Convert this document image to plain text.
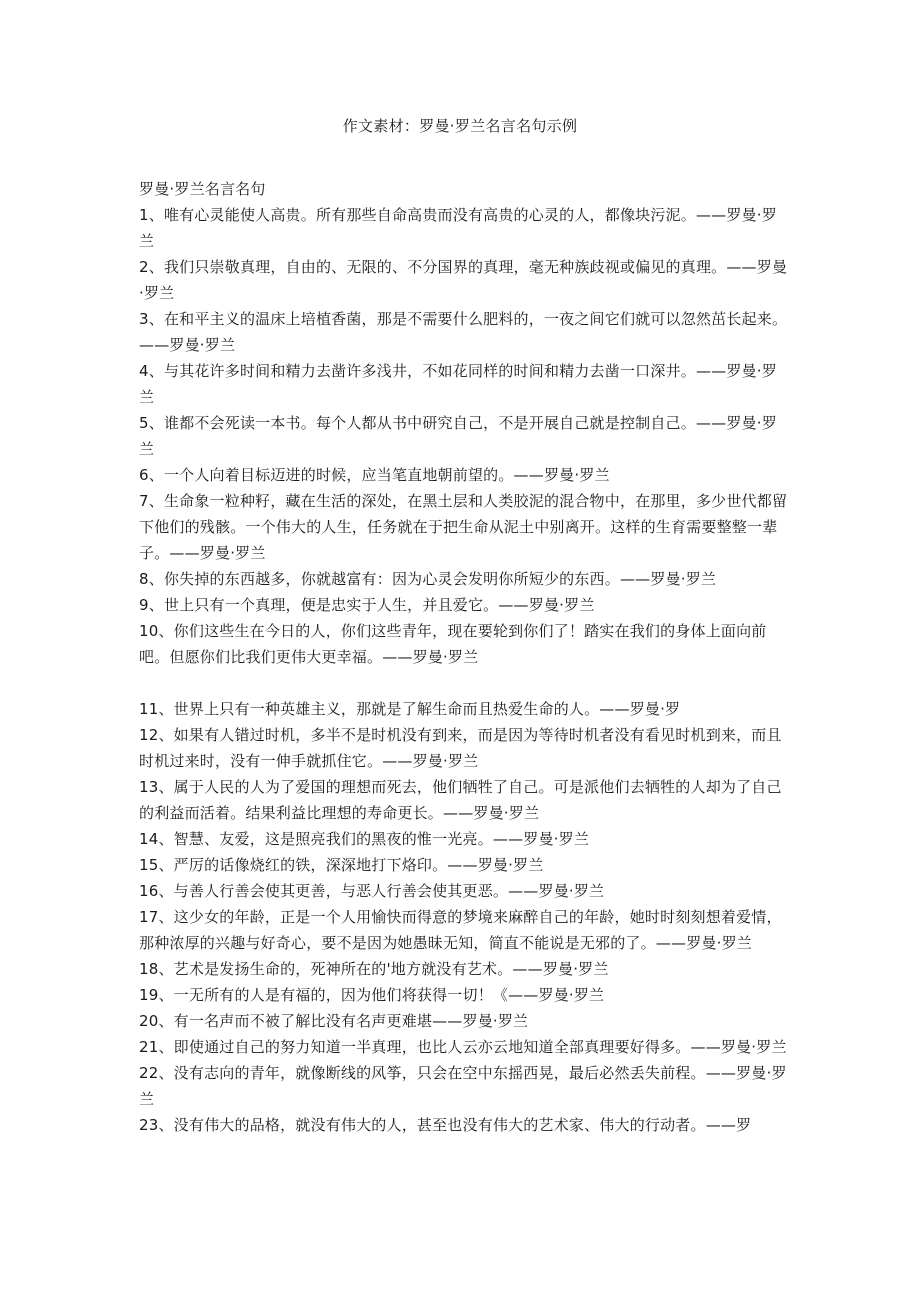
作文素材：罗曼·罗兰名言名句示例

罗曼·罗兰名言名句

1、唯有心灵能使人高贵。所有那些自命高贵而没有高贵的心灵的人，都像块污泥。——罗曼·罗兰

2、我们只崇敬真理，自由的、无限的、不分国界的真理，毫无种族歧视或偏见的真理。——罗曼·罗兰

3、在和平主义的温床上培植香菌，那是不需要什么肥料的，一夜之间它们就可以忽然茁长起来。——罗曼·罗兰

4、与其花许多时间和精力去凿许多浅井，不如花同样的时间和精力去凿一口深井。——罗曼·罗兰

5、谁都不会死读一本书。每个人都从书中研究自己，不是开展自己就是控制自己。——罗曼·罗兰

6、一个人向着目标迈进的时候，应当笔直地朝前望的。——罗曼·罗兰

7、生命象一粒种籽，藏在生活的深处，在黑土层和人类胶泥的混合物中，在那里，多少世代都留下他们的残骸。一个伟大的人生，任务就在于把生命从泥土中别离开。这样的生育需要整整一辈子。——罗曼·罗兰

8、你失掉的东西越多，你就越富有：因为心灵会发明你所短少的东西。——罗曼·罗兰

9、世上只有一个真理，便是忠实于人生，并且爱它。——罗曼·罗兰

10、你们这些生在今日的人，你们这些青年，现在要轮到你们了！踏实在我们的身体上面向前吧。但愿你们比我们更伟大更幸福。——罗曼·罗兰

11、世界上只有一种英雄主义，那就是了解生命而且热爱生命的人。——罗曼·罗

12、如果有人错过时机，多半不是时机没有到来，而是因为等待时机者没有看见时机到来，而且时机过来时，没有一伸手就抓住它。——罗曼·罗兰

13、属于人民的人为了爱国的理想而死去，他们牺牲了自己。可是派他们去牺牲的人却为了自己的利益而活着。结果利益比理想的寿命更长。——罗曼·罗兰

14、智慧、友爱，这是照亮我们的黑夜的惟一光亮。——罗曼·罗兰

15、严厉的话像烧红的铁，深深地打下烙印。——罗曼·罗兰

16、与善人行善会使其更善，与恶人行善会使其更恶。——罗曼·罗兰

17、这少女的年龄，正是一个人用愉快而得意的梦境来麻醉自己的年龄，她时时刻刻想着爱情，那种浓厚的兴趣与好奇心，要不是因为她愚昧无知，简直不能说是无邪的了。——罗曼·罗兰

18、艺术是发扬生命的，死神所在的'地方就没有艺术。——罗曼·罗兰

19、一无所有的人是有福的，因为他们将获得一切！《——罗曼·罗兰

20、有一名声而不被了解比没有名声更难堪——罗曼·罗兰

21、即使通过自己的努力知道一半真理，也比人云亦云地知道全部真理要好得多。——罗曼·罗兰

22、没有志向的青年，就像断线的风筝，只会在空中东摇西晃，最后必然丢失前程。——罗曼·罗兰

23、没有伟大的品格，就没有伟大的人，甚至也没有伟大的艺术家、伟大的行动者。——罗
